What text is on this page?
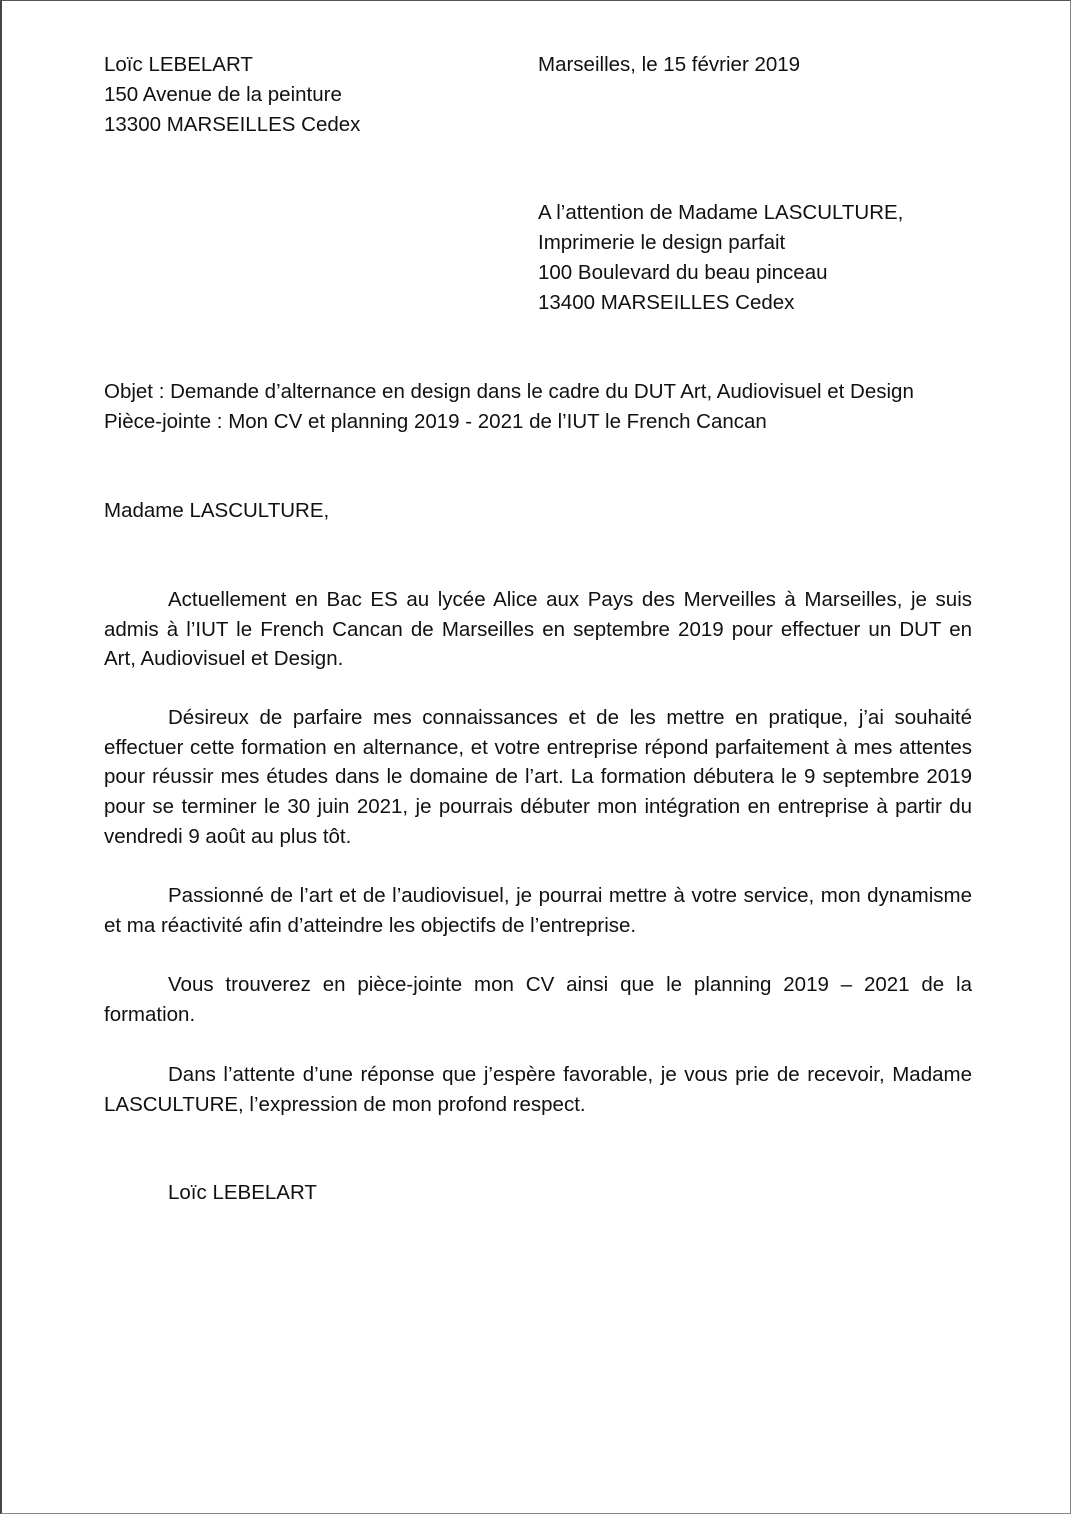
Loïc LEBELART
150 Avenue de la peinture
13300 MARSEILLES Cedex
Marseilles, le 15 février 2019
A l’attention de Madame LASCULTURE,
Imprimerie le design parfait
100 Boulevard du beau pinceau
13400 MARSEILLES Cedex
Objet : Demande d’alternance en design dans le cadre du DUT Art, Audiovisuel et Design
Pièce-jointe : Mon CV et planning 2019 - 2021 de l’IUT le French Cancan
Madame LASCULTURE,

Actuellement en Bac ES au lycée Alice aux Pays des Merveilles à Marseilles, je suis admis à l’IUT le French Cancan de Marseilles en septembre 2019 pour effectuer un DUT en Art, Audiovisuel et Design.

Désireux de parfaire mes connaissances et de les mettre en pratique, j’ai souhaité effectuer cette formation en alternance, et votre entreprise répond parfaitement à mes attentes pour réussir mes études dans le domaine de l’art. La formation débutera le 9 septembre 2019 pour se terminer le 30 juin 2021, je pourrais débuter mon intégration en entreprise à partir du vendredi 9 août au plus tôt.

Passionné de l’art et de l’audiovisuel, je pourrai mettre à votre service, mon dynamisme et ma réactivité afin d’atteindre les objectifs de l’entreprise.

Vous trouverez en pièce-jointe mon CV ainsi que le planning 2019 – 2021 de la formation.

Dans l’attente d’une réponse que j’espère favorable, je vous prie de recevoir, Madame LASCULTURE, l’expression de mon profond respect.

Loïc LEBELART
